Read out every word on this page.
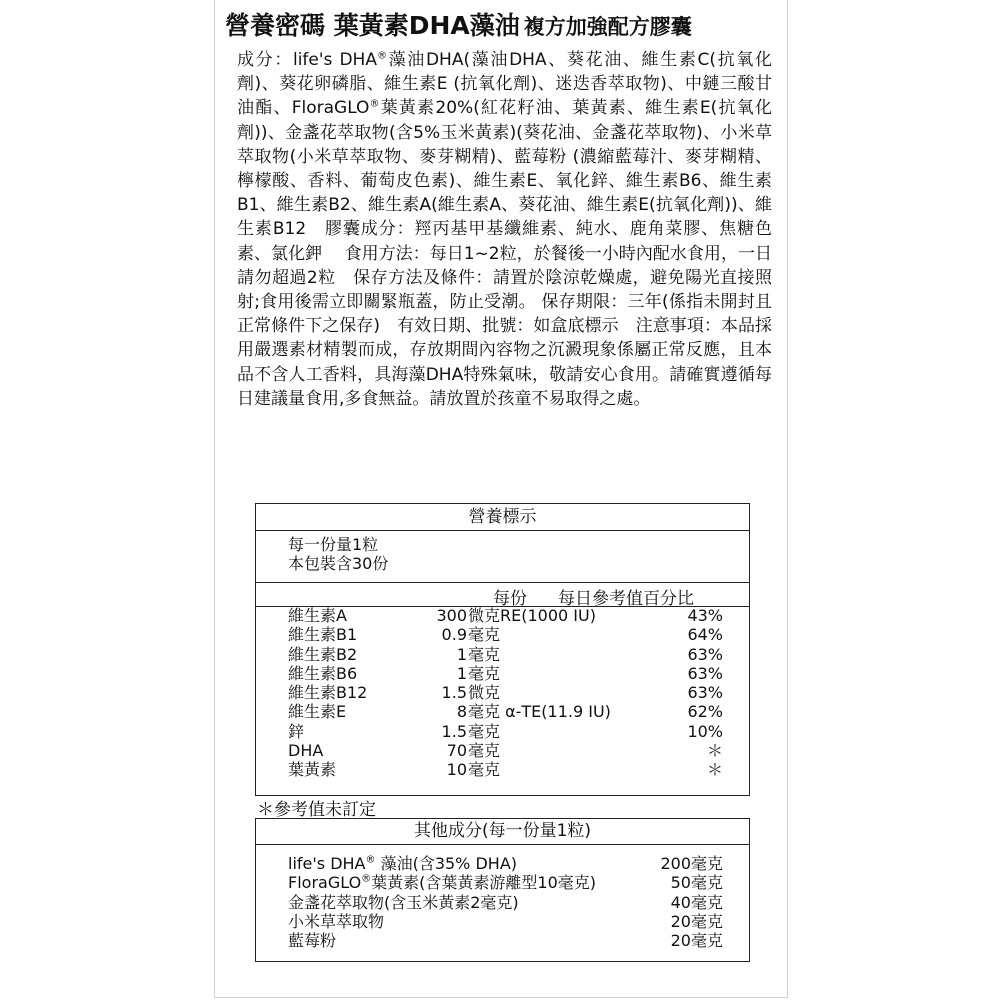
營養密碼 葉黃素DHA藻油 複方加強配方膠囊
成分：life's DHA®藻油DHA(藻油DHA、葵花油、維生素C(抗氧化劑)、葵花卵磷脂、維生素E (抗氧化劑)、迷迭香萃取物)、中鏈三酸甘油酯、FloraGLO®葉黃素20%(紅花籽油、葉黃素、維生素E(抗氧化劑))、金盞花萃取物(含5%玉米黃素)(葵花油、金盞花萃取物)、小米草萃取物(小米草萃取物、麥芽糊精)、藍莓粉 (濃縮藍莓汁、麥芽糊精、檸檬酸、香料、葡萄皮色素)、維生素E、氧化鋅、維生素B6、維生素B1、維生素B2、維生素A(維生素A、葵花油、維生素E(抗氧化劑))、維生素B12　膠囊成分：羥丙基甲基纖維素、純水、鹿角菜膠、焦糖色素、氯化鉀　 食用方法：每日1~2粒，於餐後一小時內配水食用，一日請勿超過2粒　保存方法及條件：請置於陰涼乾燥處，避免陽光直接照射;食用後需立即關緊瓶蓋，防止受潮。 保存期限：三年(係指未開封且正常條件下之保存)　有效日期、批號：如盒底標示　注意事項：本品採用嚴選素材精製而成，存放期間內容物之沉澱現象係屬正常反應，且本品不含人工香料，具海藻DHA特殊氣味，敬請安心食用。請確實遵循每日建議量食用,多食無益。請放置於孩童不易取得之處。
營養標示
每一份量1粒
本包裝含30份
每份 每日參考值百分比
維生素A	300 微克RE(1000 IU)	43%
維生素B1	0.9 毫克	64%
維生素B2	1 毫克	63%
維生素B6	1 毫克	63%
維生素B12	1.5 微克	63%
維生素E	8 毫克 α-TE(11.9 IU)	62%
鋅	1.5 毫克	10%
DHA	70 毫克	＊
葉黃素	10 毫克	＊
＊參考值未訂定
其他成分(每一份量1粒)
life's DHA® 藻油(含35% DHA)	200毫克
FloraGLO®葉黃素(含葉黃素游離型10毫克)	50毫克
金盞花萃取物(含玉米黃素2毫克)	40毫克
小米草萃取物	20毫克
藍莓粉	20毫克
